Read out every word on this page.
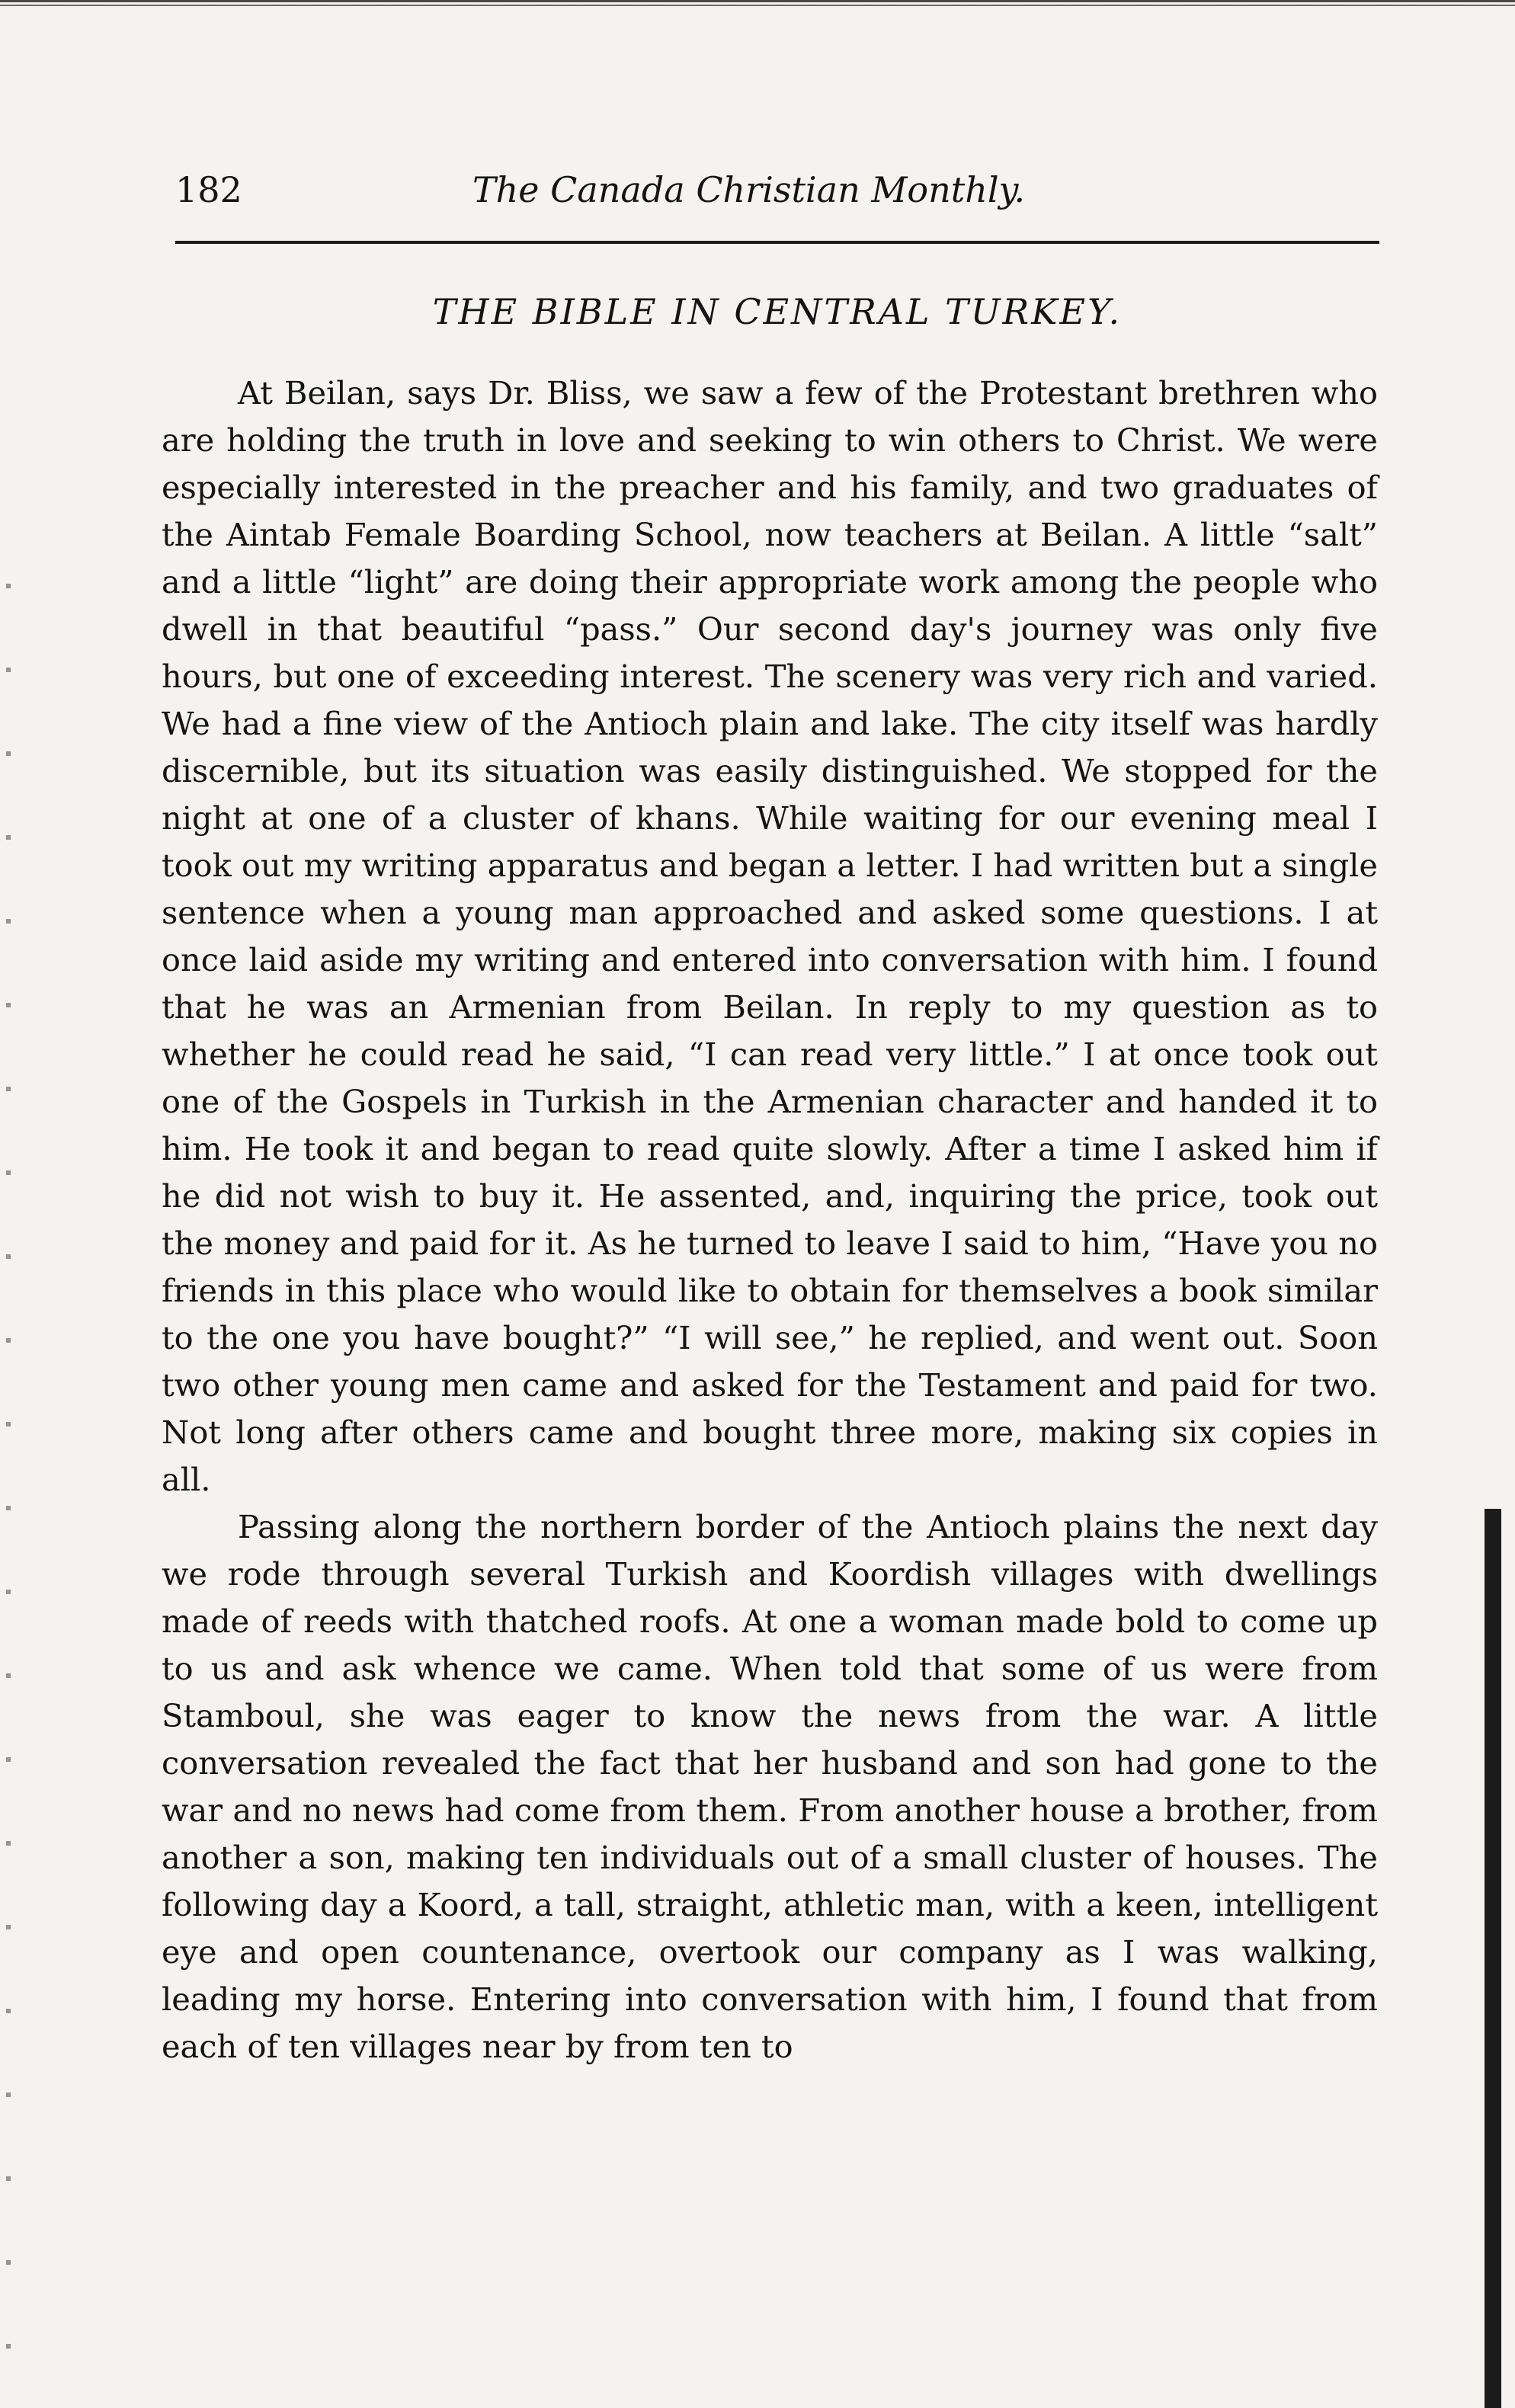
182	The Canada Christian Monthly.
THE BIBLE IN CENTRAL TURKEY.

At Beilan, says Dr. Bliss, we saw a few of the Protestant brethren who are holding the truth in love and seeking to win others to Christ. We were especially interested in the preacher and his family, and two graduates of the Aintab Female Boarding School, now teachers at Beilan. A little “salt” and a little “light” are doing their appropriate work among the people who dwell in that beautiful “pass.” Our second day's journey was only five hours, but one of exceeding interest. The scenery was very rich and varied. We had a fine view of the Antioch plain and lake. The city itself was hardly discernible, but its situation was easily distinguished. We stopped for the night at one of a cluster of khans. While waiting for our evening meal I took out my writing apparatus and began a letter. I had written but a single sentence when a young man approached and asked some questions. I at once laid aside my writing and entered into conversation with him. I found that he was an Armenian from Beilan. In reply to my question as to whether he could read he said, “I can read very little.” I at once took out one of the Gospels in Turkish in the Armenian character and handed it to him. He took it and began to read quite slowly. After a time I asked him if he did not wish to buy it. He assented, and, inquiring the price, took out the money and paid for it. As he turned to leave I said to him, “Have you no friends in this place who would like to obtain for themselves a book similar to the one you have bought?” “I will see,” he replied, and went out. Soon two other young men came and asked for the Testament and paid for two. Not long after others came and bought three more, making six copies in all.

Passing along the northern border of the Antioch plains the next day we rode through several Turkish and Koordish villages with dwellings made of reeds with thatched roofs. At one a woman made bold to come up to us and ask whence we came. When told that some of us were from Stamboul, she was eager to know the news from the war. A little conversation revealed the fact that her husband and son had gone to the war and no news had come from them. From another house a brother, from another a son, making ten individuals out of a small cluster of houses. The following day a Koord, a tall, straight, athletic man, with a keen, intelligent eye and open countenance, overtook our company as I was walking, leading my horse. Entering into conversation with him, I found that from each of ten villages near by from ten to
